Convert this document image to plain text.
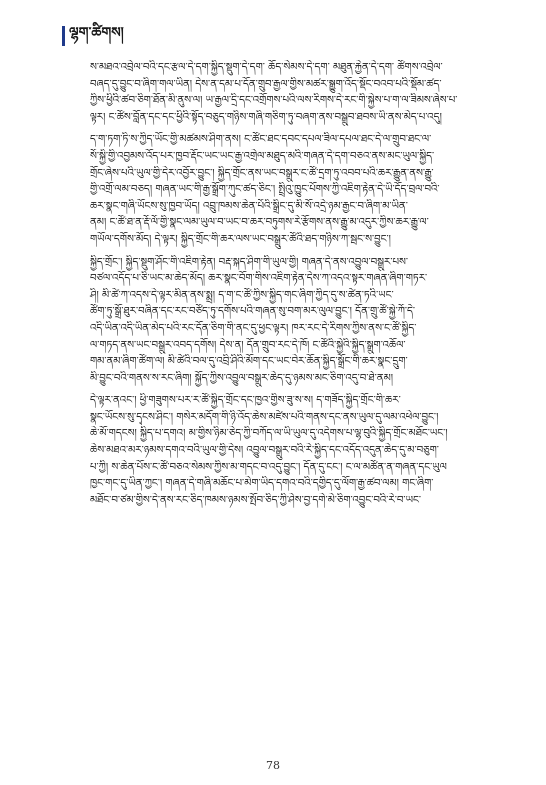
ལྷག་ཚིགས།
ས་མཐའ་འབྲེལ་བའི་དང་རྩལ་དེ་དག་སྐྱིད་སྡུག་དེ་དག་ ཆོད་སེམས་དེ་དག་ མཐུན་རྐྱེན་དེ་དག་ ཚོགས་འབྲེལ་
བཞད་དུ་བྱུང་བ་ཞིག་གལ་ཡིན། དེས་ན་དམ་པ་དོན་གྲུབ་རྒྱལ་གྱིས་མཚར་སྒྱུག་འོད་སྡོང་བའབ་པའི་སྡོམ་ཚད་
ཀྱིས་ཕྱིའི་ཚབ་ཅིག་ཐོན་མི་ནུས་ལ། ཡ་རྒྱལ་དྲི་དང་འགྲོགས་པའི་ལས་རིགས་དེ་རང་གི་སྐྱེས་པ་ག་ལ་ཟིམས་ཞེས་པ་
ལྟར། ང་ཚོས་བློན་དང་དང་ཕྱིའི་སྟོད་བཅུད་གཉིས་གཞི་གཅིག་ཏུ་བཞག་ནས་བསྒྲུབ་ཐབས་ཡི་ནས་མེད་པ་འདུ།
ད་ག་ཏག་ཏི་ས་ཀྱིད་ཡོང་གྱི་མཚམས་ཤིག་ནས། ང་ཚོང་ཐང་དབང་དཔལ་ཟིལ་དཔལ་ཐང་དེ་ལ་གྲུབ་ཐང་ལ་
སོ་སྐྱི་གྱི་འབྱམས་འོད་པར་ཁྱབ་རྡོང་ཡང་ཡང་རྒྱ་འགྲེལ་མཐུད་མའི་གཞན་དེ་དག་བཅའ་ནས་མང་ཡུལ་སྐྱིད་
གྲོང་ཞེས་པའི་ཡུལ་གྱི་དེར་འབྱོར་བྱུང་། སྐྱིད་གྲོང་ནས་ཡང་བསྒྲུར་ང་ཚོ་དྲག་ཏུ་འབབ་པའི་ཆར་རྒྱུན་ནས་རྒྱུ་
གྱི་འགྲོ་ལམ་བཅད། གཞན་ཡང་གི་རྒྱ་སྒྲོག་ཀུང་ཚད་ཅིང་། སྤྲིའུ་ཁྱུང་པོགས་ཀྱི་འཇིག་རྟེན་དེ་ཡི་དོད་བྲལ་བའི་
ཆར་སྣང་གཞི་ཡོངས་སུ་ཁྱབ་ཡོད། འབྲུ་ཁམས་ཆེན་པོའི་སྒྲིང་དུ་མི་སོ་འདྲེ་ཉམ་རྒྱང་བ་ཞིག་མ་ཡིན་
ནམ། ང་ཚོ་ཐ་ན་རྡོ་ལོ་གྱི་སྣང་ལམ་ཡུལ་བ་ཡང་བ་ཆར་བཏུགས་རེ་རྩོགས་ནས་རྒྱུ་མ་འདུར་ཀྱིས་ཆར་རྒྱུ་ལ་
གཡོལ་དགོས་མོད། དེ་ལྟར། སྐྱིད་གྲོང་གི་ཆར་ལས་ཡང་བསྒྲུར་ཚོའི་ཐད་གཉིས་ཀ་སྦང་ས་བྱུང་།
སྐྱིད་གྲོང་། སྐྱིད་སྡུག་ཤོང་གི་འཇིག་རྟེན། བརྡ་སྐད་ཤིག་གི་ཡུལ་གྱི། གཞན་དེ་ནས་འབྱུལ་བསྒྲུར་པས་
བཙལ་འདོད་པ་ཅི་ཡང་མ་ཆེད་མོད། ཆར་སྣང་བོག་གིས་འཇིག་རྟེན་དེས་ཀ་འདའ་སྟར་གཞན་ཞིག་གཏར་
ཤི། མི་ཚེ་ཀ་འདས་དེ་ལྟར་མིན་ནས་སྨྲ། ད་ག་ང་ཚོ་ཀྱིས་སྐྱིད་གང་ཞིག་ཀྱིད་དུ་ས་ཚེན་ཏའི་ཡང་
ཚོག་ཏུ་སྒྲོ་ཐུར་བཞིན་དང་རང་བཙོད་ཏུ་དགོས་པའི་གཞན་སུ་བག་མར་ལུལ་བྱུང་། དོན་གྲུ་ཚོ་སྐྱེ་ཀོ་དེ་
འདི་ཡིན་འདི་ཡིན་མེད་པའི་རང་དོན་ཅིག་གི་ནང་དུ་ཕྱང་ལྟར། ཁར་རང་དེ་རིགས་ཀྱིས་ནས་ང་ཚོ་སྐྱིད་
ལ་གཏད་ནས་ཡང་བསྒྲུར་འབད་དགོས། དེས་ན། དོན་གྲུབ་རང་དེ་ཁོ། ང་ཚོའི་སྐྱེའི་སྐྱིད་སྒྲུག་འཆོལ་
གམ་ནམ་ཞིག་ཚོག་ལ། མི་ཚེའི་བལ་དུ་འབྲི་ཤིའི་མོག་དང་ཡང་བེར་ཆོན་སྐྱིད་སྒྲོང་གི་ཆར་སྣང་དྲུག་
མི་བྱུང་བའི་གནས་ས་རང་ཞིག། སྐྱོད་ཀྱིས་འབྱུལ་བསྒྲུར་ཆེད་དུ་ཉམས་མང་ཅིག་འདུ་བ་ཐེ་ནམ།
དེ་ལྟར་ནའང་། ཕྱི་གཟུགས་པར་ར་ཚོ་སྐྱིད་གྲོང་དང་ཁྱའ་གྱིས་ཟུ་ས་ས། ད་གཟོད་སྐྱིད་གྲོང་གི་ཆར་
སྣང་ཡོངས་སུ་དྭངས་ཤིང་། གསེར་མདོག་གི་ཉི་འོད་ཆེས་མཛེས་པའི་གནས་དང་ནས་ཡུལ་དུ་ལམ་འཕེལ་བྱུང་།
ཆེ་མོ་གདངས། སྐྱིད་པ་དགའ། མ་གྱིས་ཉིམ་ཅེད་ཀྱི་བཀོད་ལ་ཡི་ཡུལ་དུ་འདེགས་པ་ལྷ་བུའི་སྐྱིད་གྲོང་མཐོང་ཡང་།
ཆེས་མཐའ་མར་ཉམས་དགའ་བའི་ཡུལ་གྱི་དེས། འབྱུལ་བསྒྲུར་བའི་རེ་སྐྱིད་དང་འདོད་འདུན་ཆེད་དུ་མ་བཅུག་
པ་ཀྱི། ས་ཆེན་པོས་ང་ཚོ་བཅའ་སེམས་ཀྱིས་མ་གདང་བ་འདུ་བྱུང་། དོན་དུ་ངང་། ང་ལ་མཚོན་ན་གཞན་དང་ཡུལ
ཁྱང་གང་དུ་ཡིན་ཀྱང་། གཞན་དེ་གཞི་མཆོང་པ་མེག་ཡིད་དགའ་བའི་དགྱིད་དུ་ལོག་རྒྱ་ཚབ་ལམ། གང་ཞིག་
མཐོང་བ་ཙམ་གྱིས་དེ་ནས་རང་ཅིད་ཁམས་ཉམས་སྤོབ་ཅིད་ཀྱི་ཤེས་བྱ་དགེ་མེ་ཅིག་འབྱུང་བའི་རེ་བ་ཡང་
78
